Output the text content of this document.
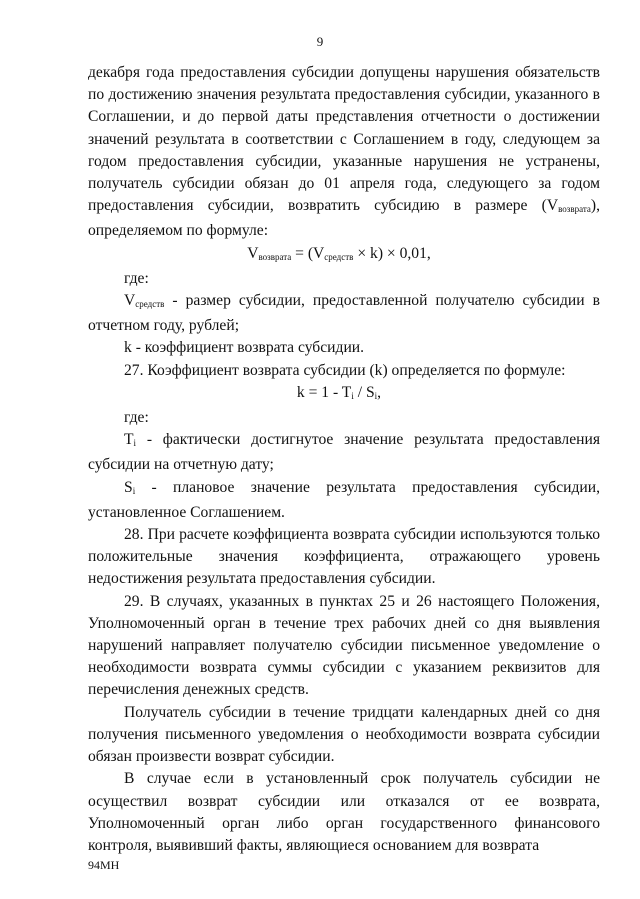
9

декабря года предоставления субсидии допущены нарушения обязательств по достижению значения результата предоставления субсидии, указанного в Соглашении, и до первой даты представления отчетности о достижении значений результата в соответствии с Соглашением в году, следующем за годом предоставления субсидии, указанные нарушения не устранены, получатель субсидии обязан до 01 апреля года, следующего за годом предоставления субсидии, возвратить субсидию в размере $(V_{возврата})$, определяемом по формуле:

$V_{возврата} = (V_{средств} \times k) \times 0,01$,

где:

$V_{средств}$ - размер субсидии, предоставленной получателю субсидии в отчетном году, рублей;

k - коэффициент возврата субсидии.

27. Коэффициент возврата субсидии (k) определяется по формуле:

$k = 1 - T_i / S_i$,

где:

$T_i$ - фактически достигнутое значение результата предоставления субсидии на отчетную дату;

$S_i$ - плановое значение результата предоставления субсидии, установленное Соглашением.

28. При расчете коэффициента возврата субсидии используются только положительные значения коэффициента, отражающего уровень недостижения результата предоставления субсидии.

29. В случаях, указанных в пунктах 25 и 26 настоящего Положения, Уполномоченный орган в течение трех рабочих дней со дня выявления нарушений направляет получателю субсидии письменное уведомление о необходимости возврата суммы субсидии с указанием реквизитов для перечисления денежных средств.

Получатель субсидии в течение тридцати календарных дней со дня получения письменного уведомления о необходимости возврата субсидии обязан произвести возврат субсидии.

В случае если в установленный срок получатель субсидии не осуществил возврат субсидии или отказался от ее возврата, Уполномоченный орган либо орган государственного финансового контроля, выявивший факты, являющиеся основанием для возврата

94МН
